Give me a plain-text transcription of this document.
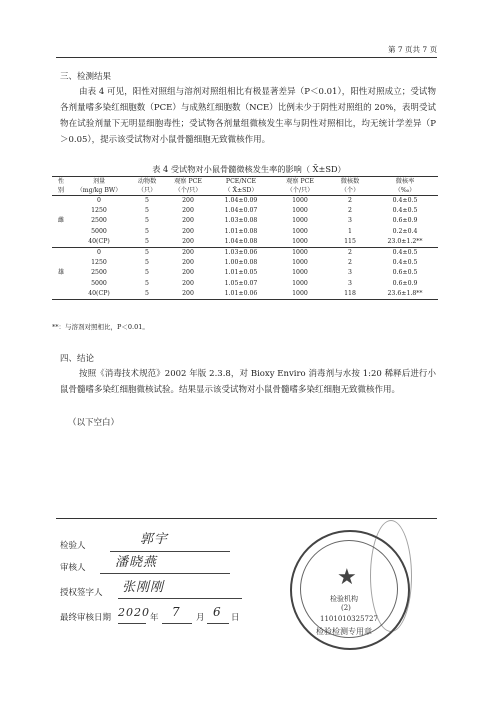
第 7 页共 7 页
三、检测结果
由表 4 可见，阳性对照组与溶剂对照组相比有极显著差异（P＜0.01），阳性对照成立；受试物各剂量嗜多染红细胞数（PCE）与成熟红细胞数（NCE）比例未少于阴性对照组的 20%，表明受试物在试验剂量下无明显细胞毒性；受试物各剂量组微核发生率与阴性对照相比，均无统计学差异（P＞0.05），提示该受试物对小鼠骨髓细胞无致微核作用。
表 4 受试物对小鼠骨髓微核发生率的影响（ X̄±SD）
性	剂量	动物数	观察 PCE	PCE/NCE	观察 PCE	微核数	微核率
别	（mg/kg BW）	（只）	（个/只）	（ X̄±SD）	（个/只）	（个）	（‰）
雌	0	5	200	1.04±0.09	1000	2	0.4±0.5
	1250	5	200	1.04±0.07	1000	2	0.4±0.5
	2500	5	200	1.03±0.08	1000	3	0.6±0.9
	5000	5	200	1.01±0.08	1000	1	0.2±0.4
	40(CP)	5	200	1.04±0.08	1000	115	23.0±1.2**
雄	0	5	200	1.03±0.06	1000	2	0.4±0.5
	1250	5	200	1.00±0.08	1000	2	0.4±0.5
	2500	5	200	1.01±0.05	1000	3	0.6±0.5
	5000	5	200	1.05±0.07	1000	3	0.6±0.9
	40(CP)	5	200	1.01±0.06	1000	118	23.6±1.8**
**：与溶剂对照相比，P＜0.01。
四、结论
按照《消毒技术规范》2002 年版 2.3.8，对 Bioxy Enviro 消毒剂与水按 1:20 稀释后进行小鼠骨髓嗜多染红细胞微核试验。结果显示该受试物对小鼠骨髓嗜多染红细胞无致微核作用。
（以下空白）
★
检验机构
(2)
1101010325727
检验检测专用章
检验人	郭宇
审核人 潘晓燕
授权签字人 张刚刚
最终审核日期 2020 年 7 月 6 日
